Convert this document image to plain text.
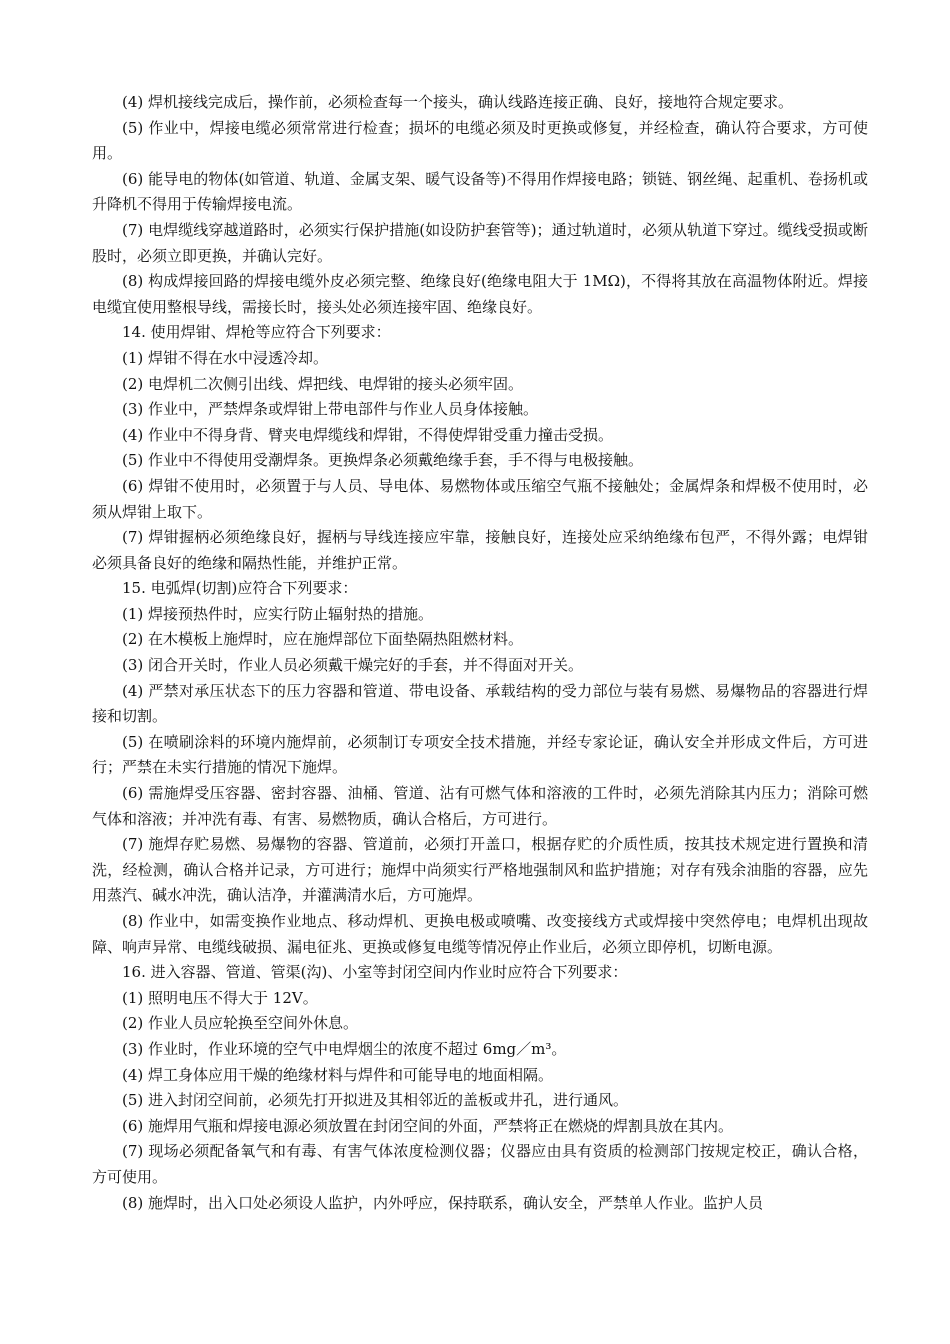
(4) 焊机接线完成后，操作前，必须检查每一个接头，确认线路连接正确、良好，接地符合规定要求。

(5) 作业中，焊接电缆必须常常进行检查；损坏的电缆必须及时更换或修复，并经检查，确认符合要求，方可使用。

(6) 能导电的物体(如管道、轨道、金属支架、暖气设备等)不得用作焊接电路；锁链、钢丝绳、起重机、卷扬机或升降机不得用于传输焊接电流。

(7) 电焊缆线穿越道路时，必须实行保护措施(如设防护套管等)；通过轨道时，必须从轨道下穿过。缆线受损或断股时，必须立即更换，并确认完好。

(8) 构成焊接回路的焊接电缆外皮必须完整、绝缘良好(绝缘电阻大于 1MΩ)，不得将其放在高温物体附近。焊接电缆宜使用整根导线，需接长时，接头处必须连接牢固、绝缘良好。

14. 使用焊钳、焊枪等应符合下列要求：

(1) 焊钳不得在水中浸透冷却。

(2) 电焊机二次侧引出线、焊把线、电焊钳的接头必须牢固。

(3) 作业中，严禁焊条或焊钳上带电部件与作业人员身体接触。

(4) 作业中不得身背、臂夹电焊缆线和焊钳，不得使焊钳受重力撞击受损。

(5) 作业中不得使用受潮焊条。更换焊条必须戴绝缘手套，手不得与电极接触。

(6) 焊钳不使用时，必须置于与人员、导电体、易燃物体或压缩空气瓶不接触处；金属焊条和焊极不使用时，必须从焊钳上取下。

(7) 焊钳握柄必须绝缘良好，握柄与导线连接应牢靠，接触良好，连接处应采纳绝缘布包严，不得外露；电焊钳必须具备良好的绝缘和隔热性能，并维护正常。

15. 电弧焊(切割)应符合下列要求：

(1) 焊接预热件时，应实行防止辐射热的措施。

(2) 在木模板上施焊时，应在施焊部位下面垫隔热阻燃材料。

(3) 闭合开关时，作业人员必须戴干燥完好的手套，并不得面对开关。

(4) 严禁对承压状态下的压力容器和管道、带电设备、承载结构的受力部位与装有易燃、易爆物品的容器进行焊接和切割。

(5) 在喷刷涂料的环境内施焊前，必须制订专项安全技术措施，并经专家论证，确认安全并形成文件后，方可进行；严禁在未实行措施的情况下施焊。

(6) 需施焊受压容器、密封容器、油桶、管道、沾有可燃气体和溶液的工件时，必须先消除其内压力；消除可燃气体和溶液；并冲洗有毒、有害、易燃物质，确认合格后，方可进行。

(7) 施焊存贮易燃、易爆物的容器、管道前，必须打开盖口，根据存贮的介质性质，按其技术规定进行置换和清洗，经检测，确认合格并记录，方可进行；施焊中尚须实行严格地强制风和监护措施；对存有残余油脂的容器，应先用蒸汽、碱水冲洗，确认洁净，并灌满清水后，方可施焊。

(8) 作业中，如需变换作业地点、移动焊机、更换电极或喷嘴、改变接线方式或焊接中突然停电；电焊机出现故障、响声异常、电缆线破损、漏电征兆、更换或修复电缆等情况停止作业后，必须立即停机，切断电源。

16. 进入容器、管道、管渠(沟)、小室等封闭空间内作业时应符合下列要求：

(1) 照明电压不得大于 12V。

(2) 作业人员应轮换至空间外休息。

(3) 作业时，作业环境的空气中电焊烟尘的浓度不超过 6mg／m³。

(4) 焊工身体应用干燥的绝缘材料与焊件和可能导电的地面相隔。

(5) 进入封闭空间前，必须先打开拟进及其相邻近的盖板或井孔，进行通风。

(6) 施焊用气瓶和焊接电源必须放置在封闭空间的外面，严禁将正在燃烧的焊割具放在其内。

(7) 现场必须配备氧气和有毒、有害气体浓度检测仪器；仪器应由具有资质的检测部门按规定校正，确认合格，方可使用。

(8) 施焊时，出入口处必须设人监护，内外呼应，保持联系，确认安全，严禁单人作业。监护人员
